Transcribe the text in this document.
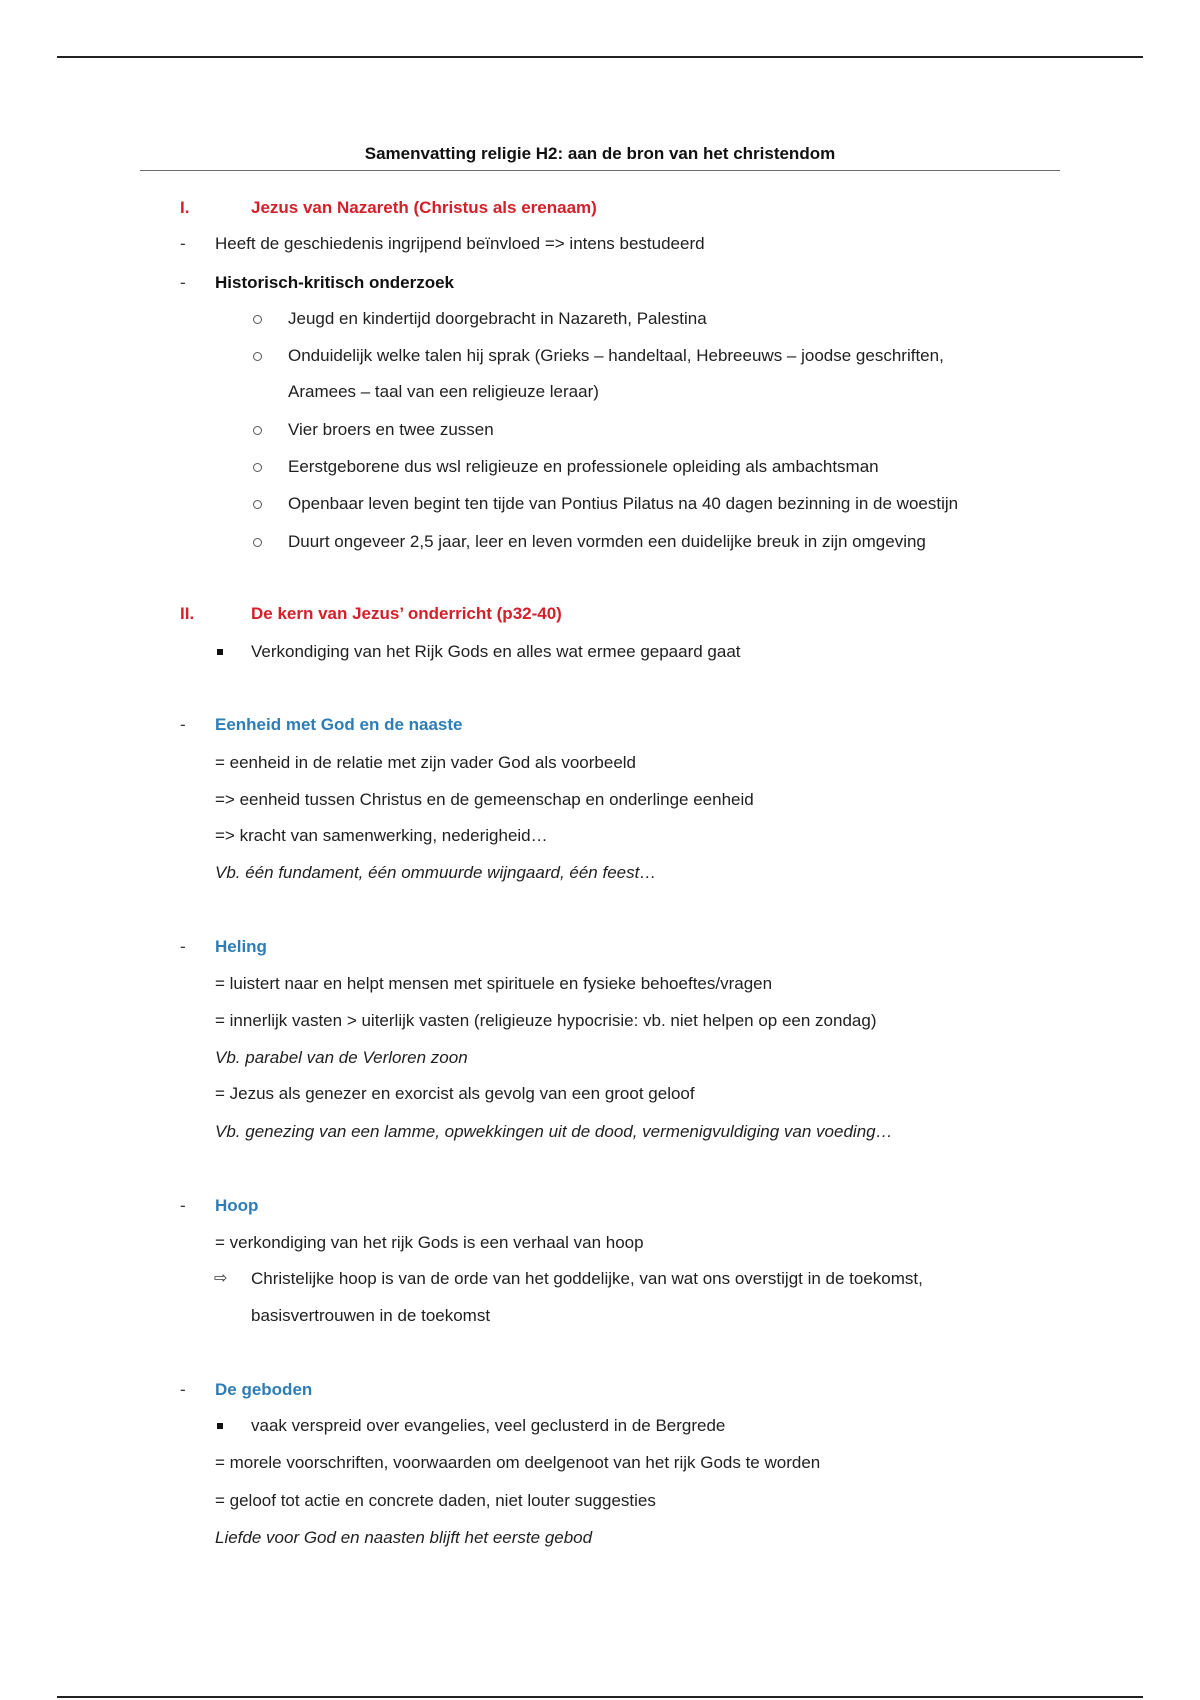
Samenvatting religie H2: aan de bron van het christendom
I.	Jezus van Nazareth (Christus als erenaam)
- Heeft de geschiedenis ingrijpend beïnvloed => intens bestudeerd
- Historisch-kritisch onderzoek
Jeugd en kindertijd doorgebracht in Nazareth, Palestina
Onduidelijk welke talen hij sprak (Grieks – handeltaal, Hebreeuws – joodse geschriften,
Aramees – taal van een religieuze leraar)
Vier broers en twee zussen
Eerstgeborene dus wsl religieuze en professionele opleiding als ambachtsman
Openbaar leven begint ten tijde van Pontius Pilatus na 40 dagen bezinning in de woestijn
Duurt ongeveer 2,5 jaar, leer en leven vormden een duidelijke breuk in zijn omgeving
II.	De kern van Jezus’ onderricht (p32-40)
Verkondiging van het Rijk Gods en alles wat ermee gepaard gaat
- Eenheid met God en de naaste
= eenheid in de relatie met zijn vader God als voorbeeld
=> eenheid tussen Christus en de gemeenschap en onderlinge eenheid
=> kracht van samenwerking, nederigheid…
Vb. één fundament, één ommuurde wijngaard, één feest…
- Heling
= luistert naar en helpt mensen met spirituele en fysieke behoeftes/vragen
= innerlijk vasten > uiterlijk vasten (religieuze hypocrisie: vb. niet helpen op een zondag)
Vb. parabel van de Verloren zoon
= Jezus als genezer en exorcist als gevolg van een groot geloof
Vb. genezing van een lamme, opwekkingen uit de dood, vermenigvuldiging van voeding…
- Hoop
= verkondiging van het rijk Gods is een verhaal van hoop
⇨ Christelijke hoop is van de orde van het goddelijke, van wat ons overstijgt in de toekomst,
basisvertrouwen in de toekomst
- De geboden
vaak verspreid over evangelies, veel geclusterd in de Bergrede
= morele voorschriften, voorwaarden om deelgenoot van het rijk Gods te worden
= geloof tot actie en concrete daden, niet louter suggesties
Liefde voor God en naasten blijft het eerste gebod
